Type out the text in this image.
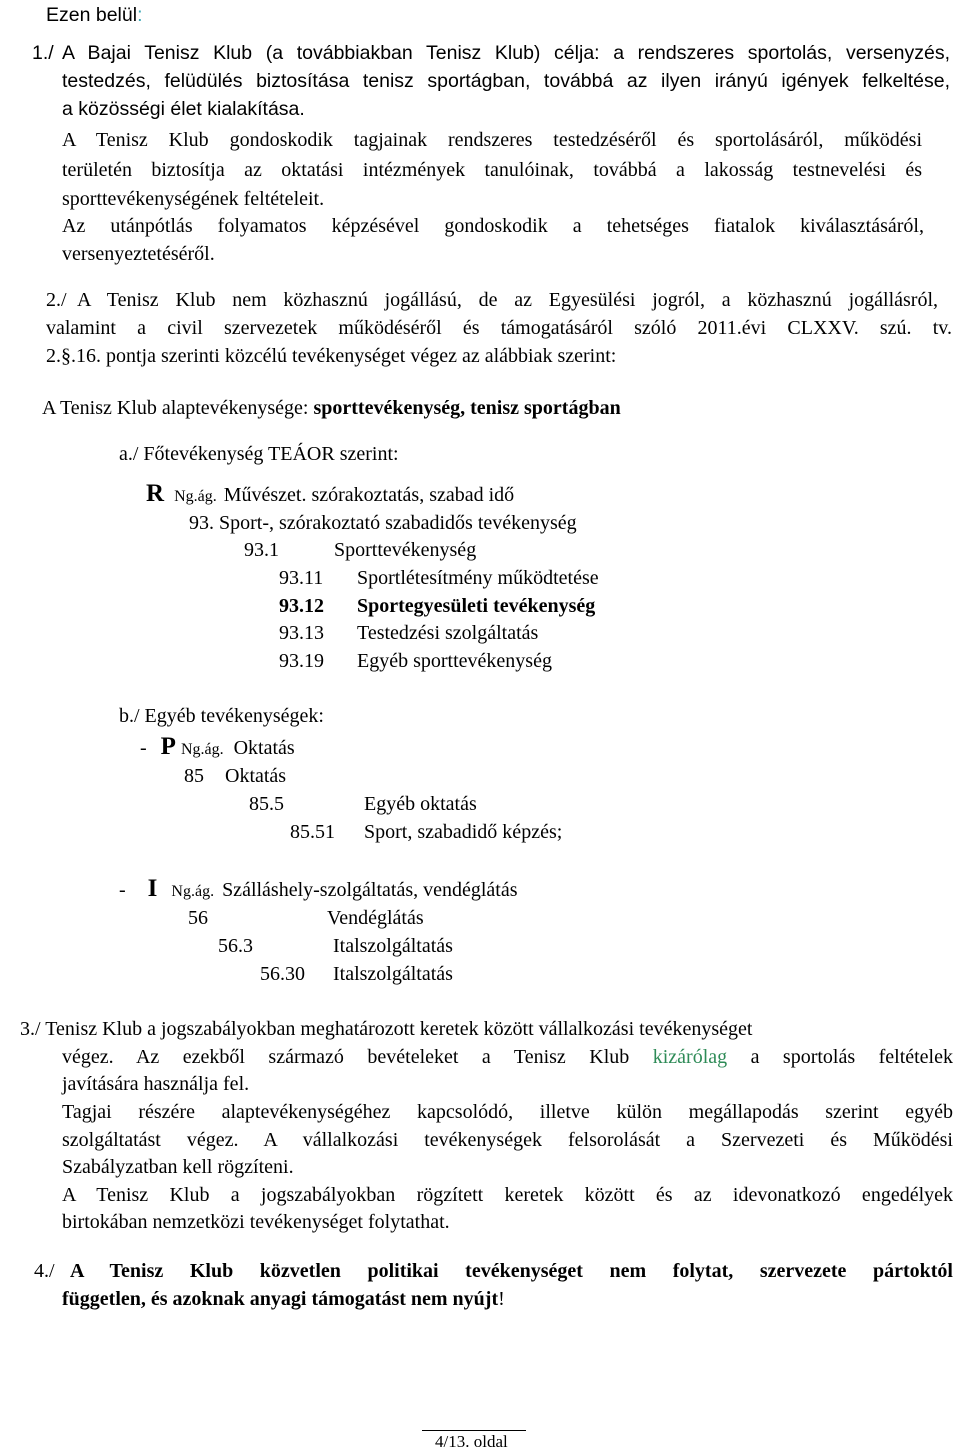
Ezen belül:
1./ A Bajai Tenisz Klub (a továbbiakban Tenisz Klub) célja: a rendszeres sportolás, versenyzés,
testedzés, felüdülés biztosítása tenisz sportágban, továbbá az ilyen irányú igények felkeltése,
a közösségi élet kialakítása.
A Tenisz Klub gondoskodik tagjainak rendszeres testedzéséről és sportolásáról, működési
területén biztosítja az oktatási intézmények tanulóinak, továbbá a lakosság testnevelési és
sporttevékenységének feltételeit.
Az utánpótlás folyamatos képzésével gondoskodik a tehetséges fiatalok kiválasztásáról,
versenyeztetéséről.
2./ A Tenisz Klub nem közhasznú jogállású, de az Egyesülési jogról, a közhasznú jogállásról,
valamint a civil szervezetek működéséről és támogatásáról szóló 2011.évi CLXXV. szú. tv.
2.§.16. pontja szerinti közcélú tevékenységet végez az alábbiak szerint:
A Tenisz Klub alaptevékenysége: sporttevékenység, tenisz sportágban
a./ Főtevékenység TEÁOR szerint:
R Ng.ág. Művészet. szórakoztatás, szabad idő
93. Sport-, szórakoztató szabadidős tevékenység
93.1	Sporttevékenység
93.11 Sportlétesítmény működtetése
93.12 Sportegyesületi tevékenység
93.13 Testedzési szolgáltatás
93.19 Egyéb sporttevékenység
b./ Egyéb tevékenységek:
- P Ng.ág. Oktatás
85 Oktatás
85.5	Egyéb oktatás
85.51 Sport, szabadidő képzés;
- I Ng.ág. Szálláshely-szolgáltatás, vendéglátás
56	Vendéglátás
56.3	Italszolgáltatás
56.30 Italszolgáltatás
3./ Tenisz Klub a jogszabályokban meghatározott keretek között vállalkozási tevékenységet
végez. Az ezekből származó bevételeket a Tenisz Klub kizárólag a sportolás feltételek
javítására használja fel.
Tagjai részére alaptevékenységéhez kapcsolódó, illetve külön megállapodás szerint egyéb
szolgáltatást végez. A vállalkozási tevékenységek felsorolását a Szervezeti és Működési
Szabályzatban kell rögzíteni.
A Tenisz Klub a jogszabályokban rögzített keretek között és az idevonatkozó engedélyek
birtokában nemzetközi tevékenységet folytathat.
4./ A Tenisz Klub közvetlen politikai tevékenységet nem folytat, szervezete pártoktól
független, és azoknak anyagi támogatást nem nyújt!
4/13. oldal
